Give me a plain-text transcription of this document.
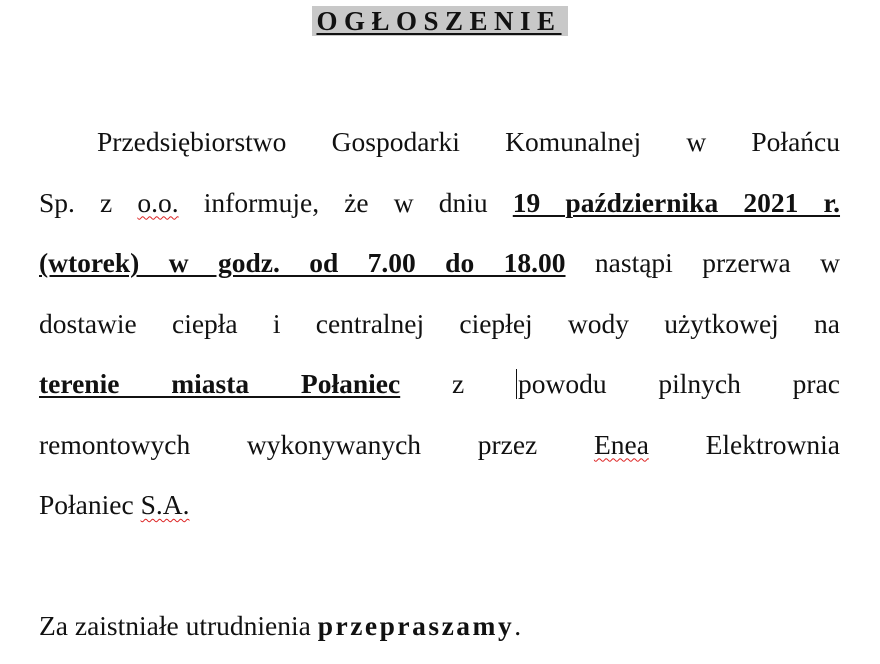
OGŁOSZENIE
Przedsiębiorstwo Gospodarki Komunalnej w Połańcu
Sp. z o.o. informuje, że w dniu 19 października 2021 r.
(wtorek) w godz. od 7.00 do 18.00 nastąpi przerwa w
dostawie ciepła i centralnej ciepłej wody użytkowej na
terenie miasta Połaniec z powodu pilnych prac
remontowych wykonywanych przez Enea Elektrownia
Połaniec S.A.

Za zaistniałe utrudnienia przepraszamy.
